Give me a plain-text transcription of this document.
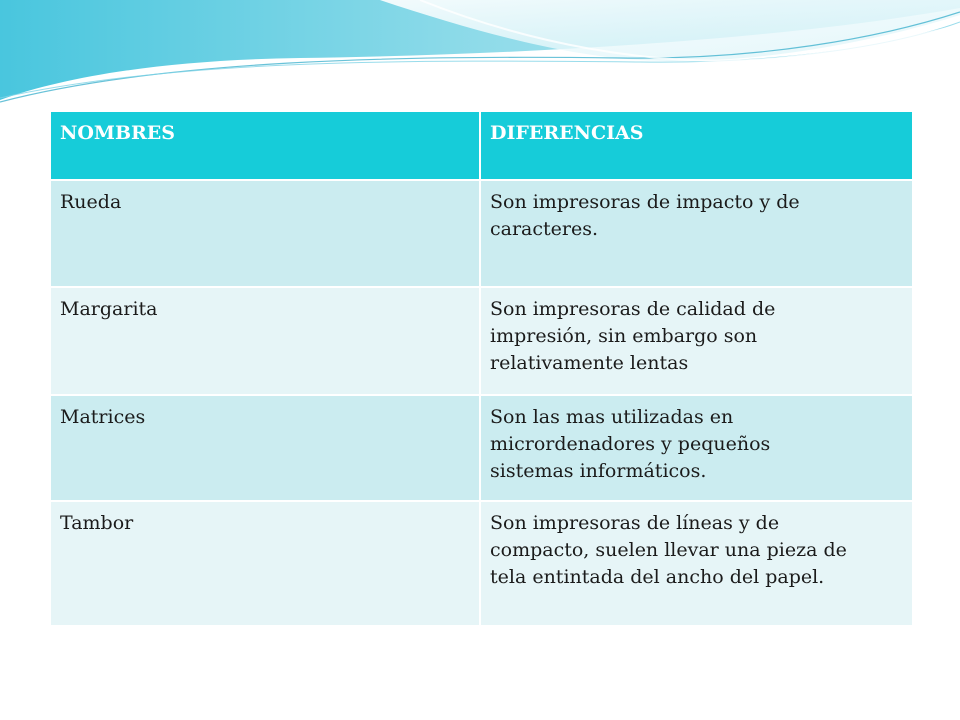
NOMBRES	DIFERENCIAS
Rueda	Son impresoras de impacto y de caracteres.

Margarita	Son impresoras de calidad de impresión, sin embargo son relativamente lentas

Matrices	Son las mas utilizadas en micrordenadores y pequeños sistemas informáticos.

Tambor	Son impresoras de líneas y de compacto, suelen llevar una pieza de tela entintada del ancho del papel.
